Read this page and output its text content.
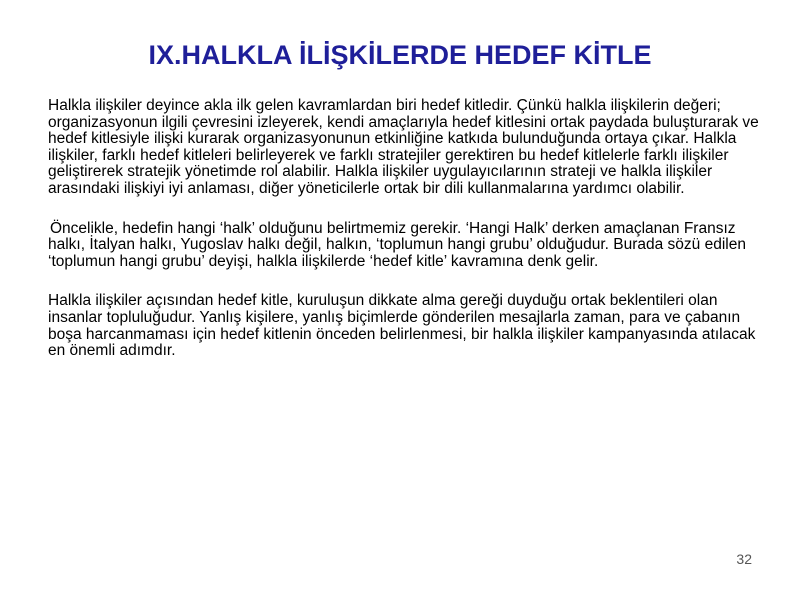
IX.HALKLA İLİŞKİLERDE HEDEF KİTLE

Halkla ilişkiler deyince akla ilk gelen kavramlardan biri hedef kitledir. Çünkü halkla ilişkilerin değeri; organizasyonun ilgili çevresini izleyerek, kendi amaçlarıyla hedef kitlesini ortak paydada buluşturarak ve hedef kitlesiyle ilişki kurarak organizasyonunun etkinliğine katkıda bulunduğunda ortaya çıkar. Halkla ilişkiler, farklı hedef kitleleri belirleyerek ve farklı stratejiler gerektiren bu hedef kitlelerle farklı ilişkiler geliştirerek stratejik yönetimde rol alabilir. Halkla ilişkiler uygulayıcılarının strateji ve halkla ilişkiler arasındaki ilişkiyi iyi anlaması, diğer yöneticilerle ortak bir dili kullanmalarına yardımcı olabilir.

Öncelikle, hedefin hangi ‘halk’ olduğunu belirtmemiz gerekir. ‘Hangi Halk’ derken amaçlanan Fransız halkı, İtalyan halkı, Yugoslav halkı değil, halkın, ‘toplumun hangi grubu’ olduğudur. Burada sözü edilen ‘toplumun hangi grubu’ deyişi, halkla ilişkilerde ‘hedef kitle’ kavramına denk gelir.

Halkla ilişkiler açısından hedef kitle, kuruluşun dikkate alma gereği duyduğu ortak beklentileri olan insanlar topluluğudur. Yanlış kişilere, yanlış biçimlerde gönderilen mesajlarla zaman, para ve çabanın boşa harcanmaması için hedef kitlenin önceden belirlenmesi, bir halkla ilişkiler kampanyasında atılacak en önemli adımdır.

32
